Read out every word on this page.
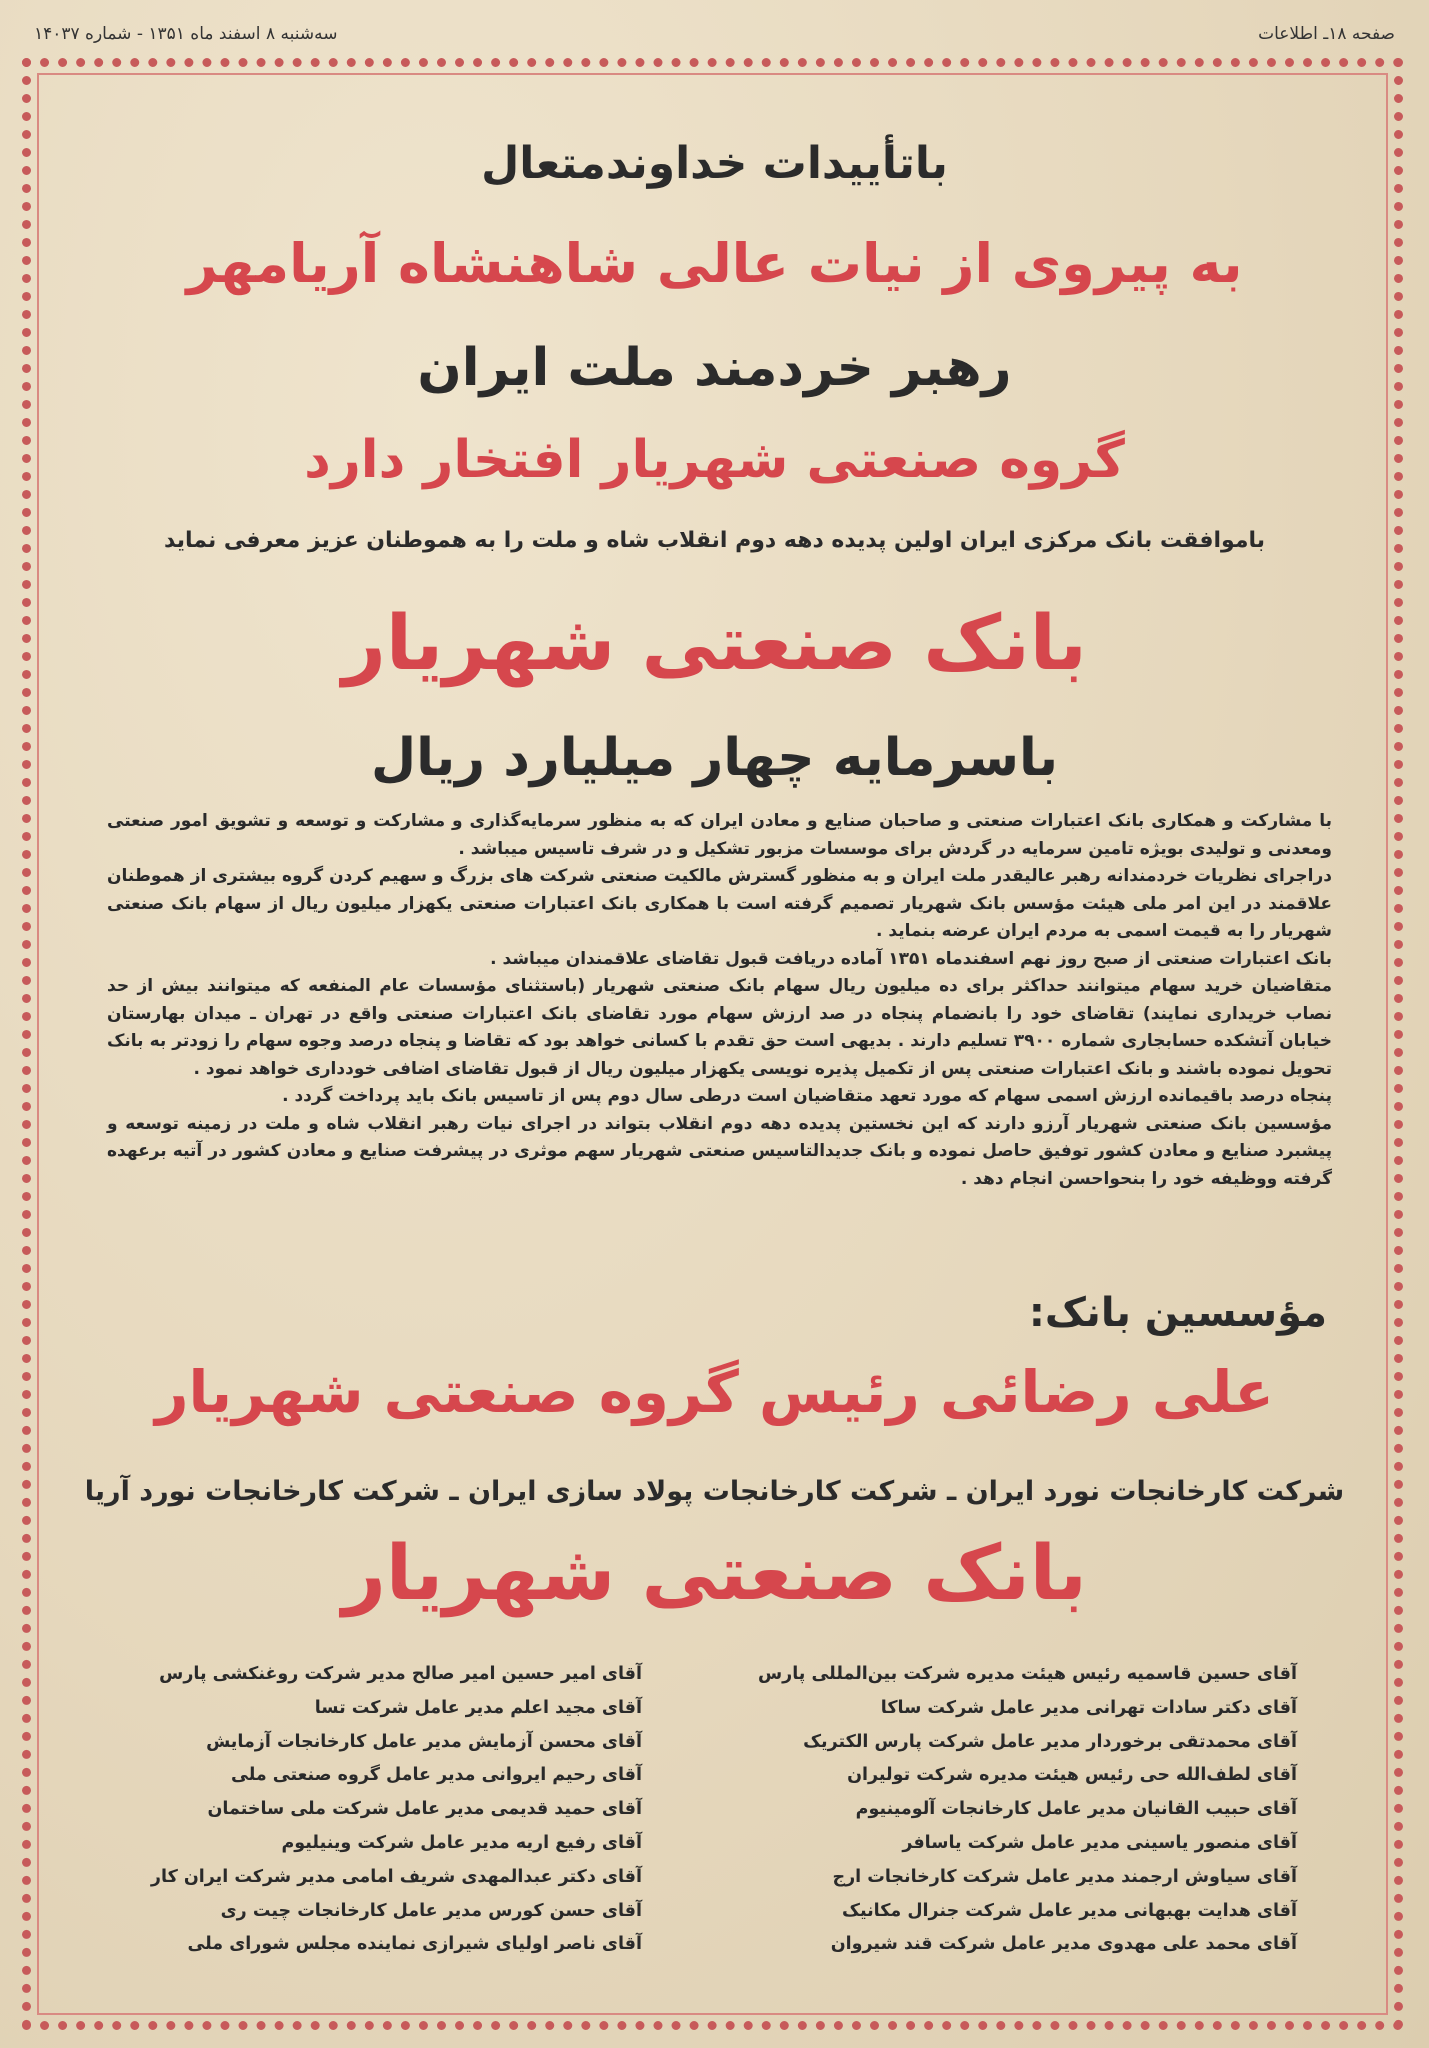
صفحه ۱۸ـ اطلاعات
سه‌شنبه ۸ اسفند ماه ۱۳۵۱ - شماره ۱۴۰۳۷
باتأییدات خداوندمتعال
به پیروی از نیات عالی شاهنشاه آریامهر
رهبر خردمند ملت ایران
گروه صنعتی شهریار افتخار دارد
باموافقت بانک مرکزی ایران اولین پدیده دهه دوم انقلاب شاه و ملت را به هموطنان عزیز معرفی نماید
بانک صنعتی شهریار
باسرمایه چهار میلیارد ریال

با مشارکت و همکاری بانک اعتبارات صنعتی و صاحبان صنایع و معادن ایران که به منظور سرمایه‌گذاری و مشارکت و توسعه و تشویق امور صنعتی ومعدنی و تولیدی بویژه تامین سرمایه در گردش برای موسسات مزبور تشکیل و در شرف تاسیس میباشد .

دراجرای نظریات خردمندانه رهبر عالیقدر ملت ایران و به منظور گسترش مالکیت صنعتی شرکت های بزرگ و سهیم کردن گروه بیشتری از هموطنان علاقمند در این امر ملی هیئت مؤسس بانک شهریار تصمیم گرفته است با همکاری بانک اعتبارات صنعتی یکهزار میلیون ریال از سهام بانک صنعتی شهریار را به قیمت اسمی به مردم ایران عرضه بنماید .

بانک اعتبارات صنعتی از صبح روز نهم اسفندماه ۱۳۵۱ آماده دریافت قبول تقاضای علاقمندان میباشد .

متقاضیان خرید سهام میتوانند حداکثر برای ده میلیون ریال سهام بانک صنعتی شهریار (باستثنای مؤسسات عام المنفعه که میتوانند بیش از حد نصاب خریداری نمایند) تقاضای خود را بانضمام پنجاه در صد ارزش سهام مورد تقاضای بانک اعتبارات صنعتی واقع در تهران ـ میدان بهارستان خیابان آتشکده حسابجاری شماره ۳۹۰۰ تسلیم دارند . بدیهی است حق تقدم با کسانی خواهد بود که تقاضا و پنجاه درصد وجوه سهام را زودتر به بانک تحویل نموده باشند و بانک اعتبارات صنعتی پس از تکمیل پذیره نویسی یکهزار میلیون ریال از قبول تقاضای اضافی خودداری خواهد نمود .

پنجاه درصد باقیمانده ارزش اسمی سهام که مورد تعهد متقاضیان است درطی سال دوم پس از تاسیس بانک باید پرداخت گردد .

مؤسسین بانک صنعتی شهریار آرزو دارند که این نخستین پدیده دهه دوم انقلاب بتواند در اجرای نیات رهبر انقلاب شاه و ملت در زمینه توسعه و پیشبرد صنایع و معادن کشور توفیق حاصل نموده و بانک جدیدالتاسیس صنعتی شهریار سهم موثری در پیشرفت صنایع و معادن کشور در آتیه برعهده گرفته ووظیفه خود را بنحواحسن انجام دهد .

مؤسسین بانک:
علی رضائی رئیس گروه صنعتی شهریار
شرکت کارخانجات نورد ایران ـ شرکت کارخانجات پولاد سازی ایران ـ شرکت کارخانجات نورد آریا
بانک صنعتی شهریار
آقای حسین قاسمیه رئیس هیئت مدیره شرکت بین‌المللی پارس
آقای دکتر سادات تهرانی مدیر عامل شرکت ساکا
آقای محمدتقی برخوردار مدیر عامل شرکت پارس الکتریک
آقای لطف‌الله حی رئیس هیئت مدیره شرکت تولیران
آقای حبیب القانیان مدیر عامل کارخانجات آلومینیوم
آقای منصور یاسینی مدیر عامل شرکت یاسافر
آقای سیاوش ارجمند مدیر عامل شرکت کارخانجات ارج
آقای هدایت بهبهانی مدیر عامل شرکت جنرال مکانیک
آقای محمد علی مهدوی مدیر عامل شرکت قند شیروان
آقای امیر حسین امیر صالح مدیر شرکت روغنکشی پارس
آقای مجید اعلم مدیر عامل شرکت تسا
آقای محسن آزمایش مدیر عامل کارخانجات آزمایش
آقای رحیم ایروانی مدیر عامل گروه صنعتی ملی
آقای حمید قدیمی مدیر عامل شرکت ملی ساختمان
آقای رفیع اریه مدیر عامل شرکت وینیلیوم
آقای دکتر عبدالمهدی شریف امامی مدیر شرکت ایران کار
آقای حسن کورس مدیر عامل کارخانجات چیت ری
آقای ناصر اولیای شیرازی نماینده مجلس شورای ملی
